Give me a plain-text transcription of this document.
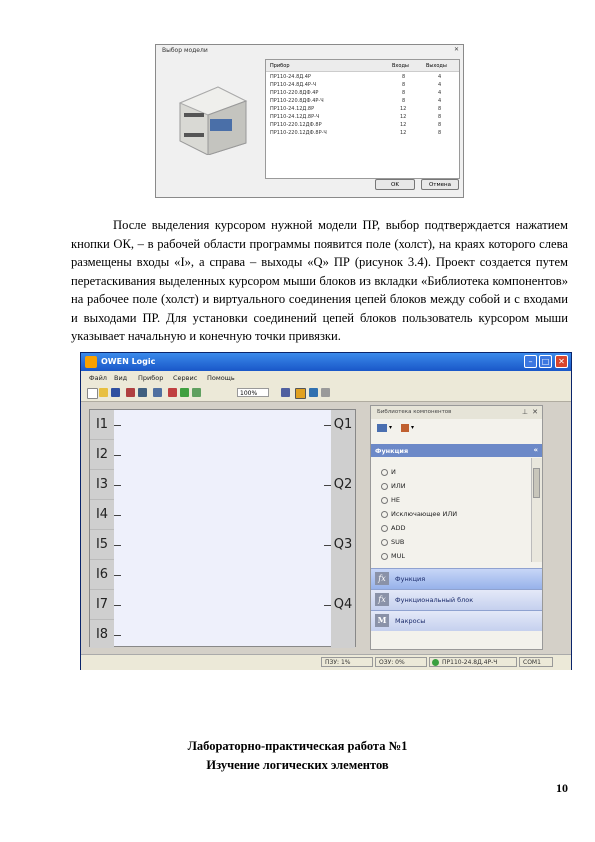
Выбор модели	✕
Прибор	Входы	Выходы
ПР110-24.8Д.4Р	8	4
ПР110-24.8Д.4Р-Ч	8	4
ПР110-220.8ДФ.4Р	8	4
ПР110-220.8ДФ.4Р-Ч	8	4
ПР110-24.12Д.8Р	12	8
ПР110-24.12Д.8Р-Ч	12	8
ПР110-220.12ДФ.8Р	12	8
ПР110-220.12ДФ.8Р-Ч	12	8
OK	Отмена

После выделения курсором нужной модели ПР, выбор подтверждается нажатием кнопки ОК, – в рабочей области программы появится поле (холст), на краях которого слева размещены входы «I», а справа – выходы «Q» ПР (рисунок 3.4). Проект создается путем перетаскивания выделенных курсором мыши блоков из вкладки «Библиотека компонентов» на рабочее поле (холст) и виртуального соединения цепей блоков между собой и с входами и выходами ПР. Для установки соединений цепей блоков пользователь курсором мыши указывает начальную и конечную точки привязки.

OWEN Logic	–	□	✕
Файл Вид Прибор Сервис Помощь
100%
I1
I2
I3
I4
I5
I6
I7
I8
Q1
Q2
Q3
Q4
Библиотека компонентов	⊥ ✕
▾	▾
Функция	«
И
ИЛИ
НЕ
Исключающее ИЛИ
ADD
SUB
MUL
fx	Функция
fx	Функциональный блок
M	Макросы
ПЗУ: 1%	ОЗУ: 0%	ПР110-24.8Д.4Р-Ч	COM1
Лабораторно-практическая работа №1
Изучение логических элементов
10
